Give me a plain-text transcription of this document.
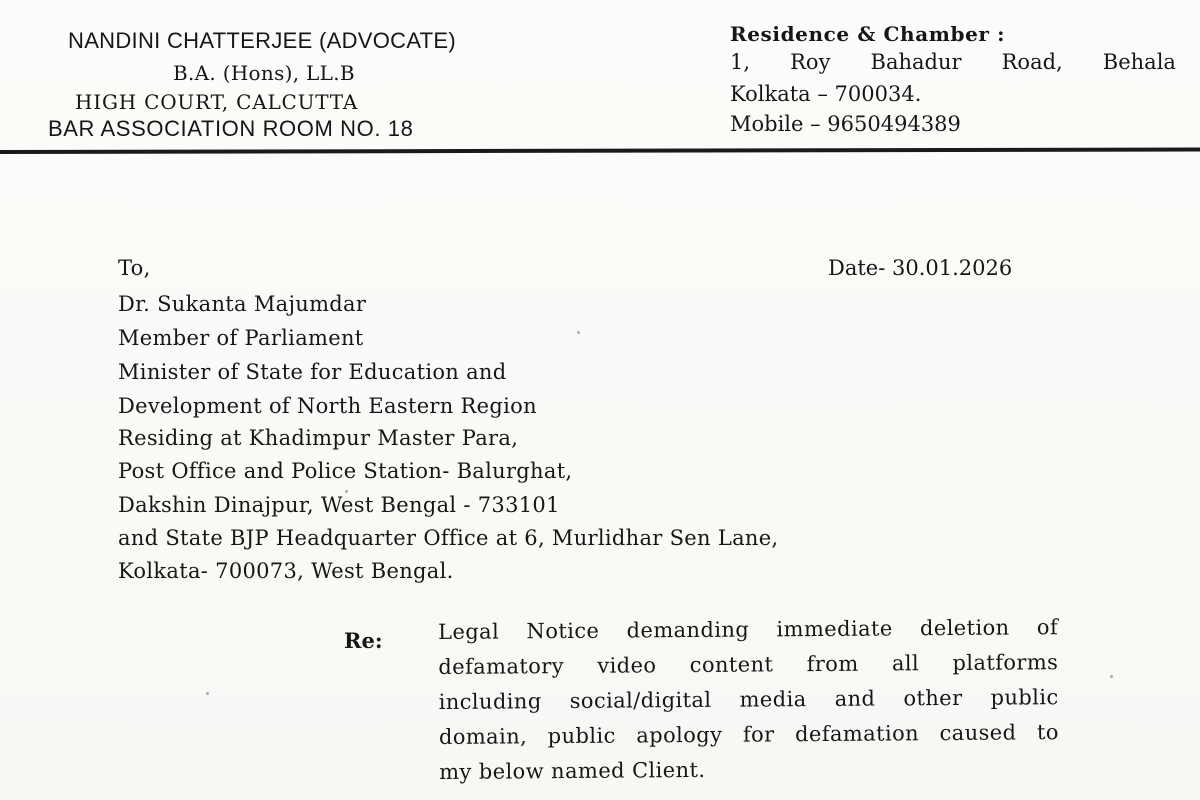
NANDINI CHATTERJEE (ADVOCATE)
B.A. (Hons), LL.B
HIGH COURT, CALCUTTA
BAR ASSOCIATION ROOM NO. 18
Residence & Chamber :
1, Roy Bahadur Road, Behala
Kolkata – 700034.
Mobile – 9650494389
Date- 30.01.2026
To,
Dr. Sukanta Majumdar
Member of Parliament
Minister of State for Education and
Development of North Eastern Region
Residing at Khadimpur Master Para,
Post Office and Police Station- Balurghat,
Dakshin Dinajpur, West Bengal - 733101
and State BJP Headquarter Office at 6, Murlidhar Sen Lane,
Kolkata- 700073, West Bengal.
Re:	Legal Notice demanding immediate deletion of
defamatory video content from all platforms
including social/digital media and other public
domain, public apology for defamation caused to
my below named Client.
